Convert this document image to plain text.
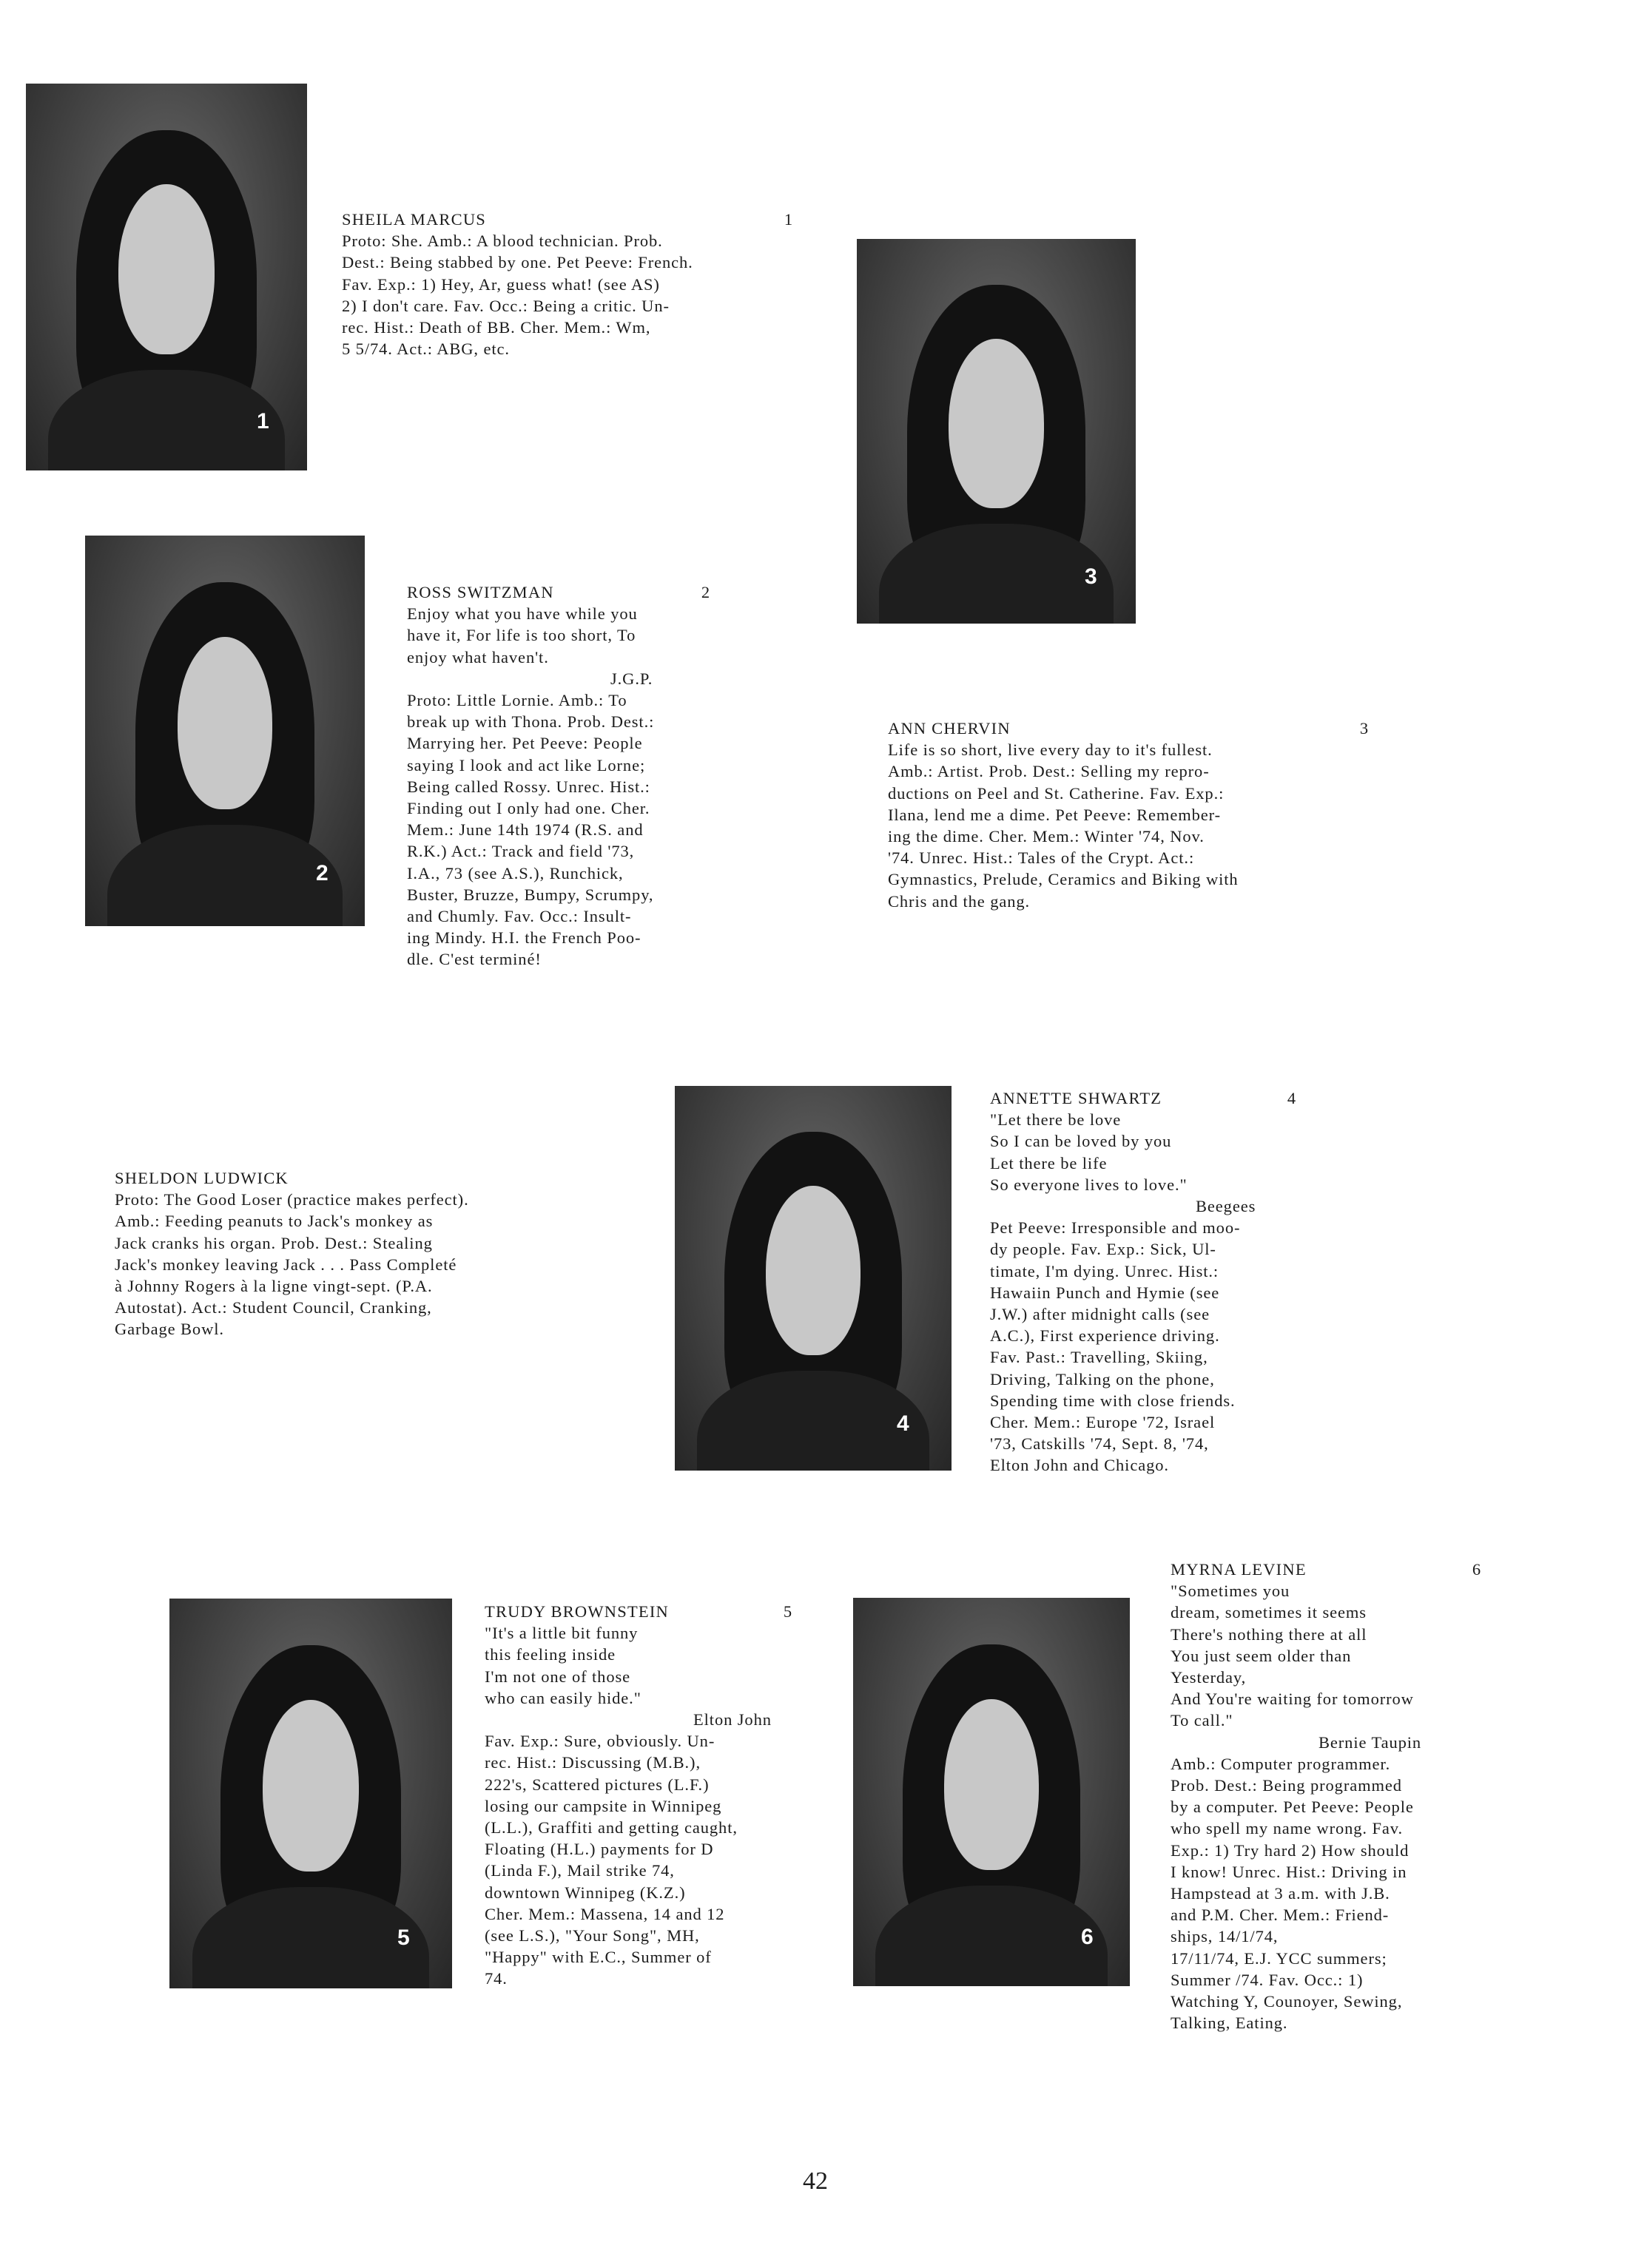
1
2
3
4
5	6
SHEILA MARCUS	1
Proto: She. Amb.: A blood technician. Prob.
Dest.: Being stabbed by one. Pet Peeve: French.
Fav. Exp.: 1) Hey, Ar, guess what! (see AS)
2) I don't care. Fav. Occ.: Being a critic. Un-
rec. Hist.: Death of BB. Cher. Mem.: Wm,
5 5/74. Act.: ABG, etc.
ROSS SWITZMAN	2
Enjoy what you have while you
have it, For life is too short, To
enjoy what haven't.
J.G.P.
Proto: Little Lornie. Amb.: To
break up with Thona. Prob. Dest.:
Marrying her. Pet Peeve: People
saying I look and act like Lorne;
Being called Rossy. Unrec. Hist.:
Finding out I only had one. Cher.
Mem.: June 14th 1974 (R.S. and
R.K.) Act.: Track and field '73,
I.A., 73 (see A.S.), Runchick,
Buster, Bruzze, Bumpy, Scrumpy,
and Chumly. Fav. Occ.: Insult-
ing Mindy. H.I. the French Poo-
dle. C'est terminé!
ANN CHERVIN	3
Life is so short, live every day to it's fullest.
Amb.: Artist. Prob. Dest.: Selling my repro-
ductions on Peel and St. Catherine. Fav. Exp.:
Ilana, lend me a dime. Pet Peeve: Remember-
ing the dime. Cher. Mem.: Winter '74, Nov.
'74. Unrec. Hist.: Tales of the Crypt. Act.:
Gymnastics, Prelude, Ceramics and Biking with
Chris and the gang.
SHELDON LUDWICK
Proto: The Good Loser (practice makes perfect).
Amb.: Feeding peanuts to Jack's monkey as
Jack cranks his organ. Prob. Dest.: Stealing
Jack's monkey leaving Jack . . . Pass Completé
à Johnny Rogers à la ligne vingt-sept. (P.A.
Autostat). Act.: Student Council, Cranking,
Garbage Bowl.
ANNETTE SHWARTZ	4
"Let there be love
So I can be loved by you
Let there be life
So everyone lives to love."
Beegees
Pet Peeve: Irresponsible and moo-
dy people. Fav. Exp.: Sick, Ul-
timate, I'm dying. Unrec. Hist.:
Hawaiin Punch and Hymie (see
J.W.) after midnight calls (see
A.C.), First experience driving.
Fav. Past.: Travelling, Skiing,
Driving, Talking on the phone,
Spending time with close friends.
Cher. Mem.: Europe '72, Israel
'73, Catskills '74, Sept. 8, '74,
Elton John and Chicago.
TRUDY BROWNSTEIN	5
"It's a little bit funny
this feeling inside
I'm not one of those
who can easily hide."
Elton John
Fav. Exp.: Sure, obviously. Un-
rec. Hist.: Discussing (M.B.),
222's, Scattered pictures (L.F.)
losing our campsite in Winnipeg
(L.L.), Graffiti and getting caught,
Floating (H.L.) payments for D
(Linda F.), Mail strike 74,
downtown Winnipeg (K.Z.)
Cher. Mem.: Massena, 14 and 12
(see L.S.), "Your Song", MH,
"Happy" with E.C., Summer of
74.
MYRNA LEVINE	6
"Sometimes you
dream, sometimes it seems
There's nothing there at all
You just seem older than
Yesterday,
And You're waiting for tomorrow
To call."
Bernie Taupin
Amb.: Computer programmer.
Prob. Dest.: Being programmed
by a computer. Pet Peeve: People
who spell my name wrong. Fav.
Exp.: 1) Try hard 2) How should
I know! Unrec. Hist.: Driving in
Hampstead at 3 a.m. with J.B.
and P.M. Cher. Mem.: Friend-
ships, 14/1/74,
17/11/74, E.J. YCC summers;
Summer /74. Fav. Occ.: 1)
Watching Y, Counoyer, Sewing,
Talking, Eating.
42
